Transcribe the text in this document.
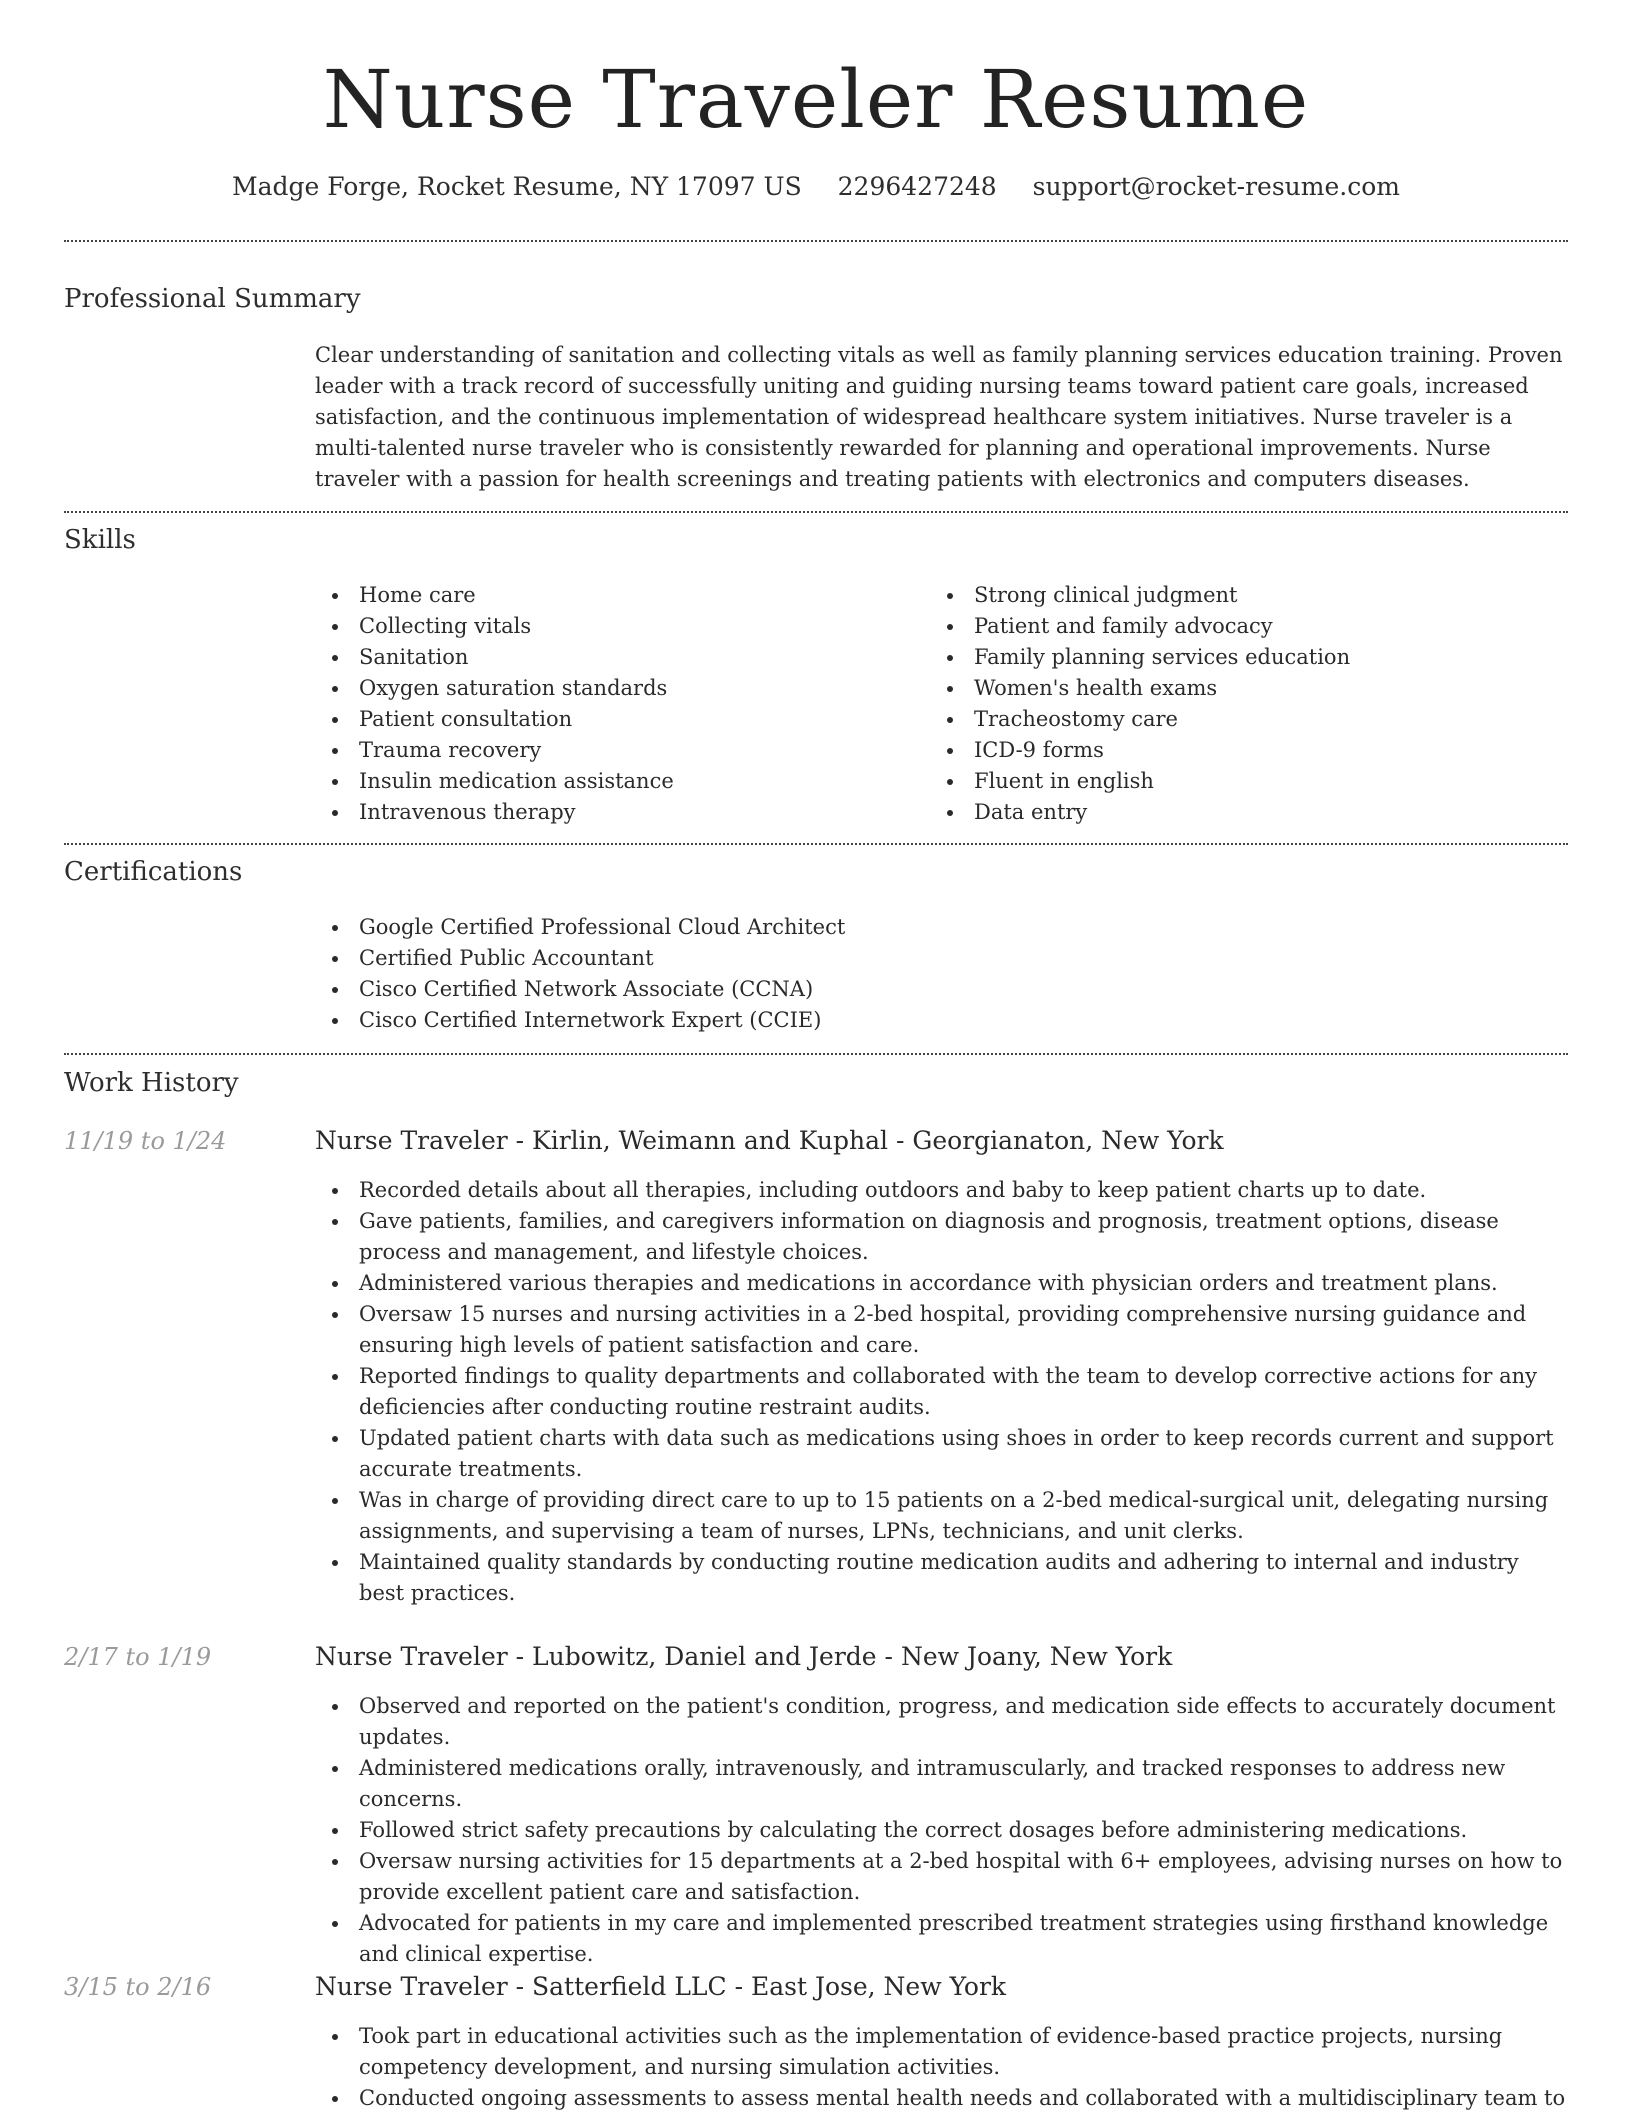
Nurse Traveler Resume
Madge Forge, Rocket Resume, NY 17097 US 2296427248 support@rocket-resume.com
Professional Summary

Clear understanding of sanitation and collecting vitals as well as family planning services education training. Proven leader with a track record of successfully uniting and guiding nursing teams toward patient care goals, increased satisfaction, and the continuous implementation of widespread healthcare system initiatives. Nurse traveler is a multi-talented nurse traveler who is consistently rewarded for planning and operational improvements. Nurse traveler with a passion for health screenings and treating patients with electronics and computers diseases.

Skills
Home care
Collecting vitals
Sanitation
Oxygen saturation standards
Patient consultation
Trauma recovery
Insulin medication assistance
Intravenous therapy
Strong clinical judgment
Patient and family advocacy
Family planning services education
Women's health exams
Tracheostomy care
ICD-9 forms
Fluent in english
Data entry
Certifications
Google Certified Professional Cloud Architect
Certified Public Accountant
Cisco Certified Network Associate (CCNA)
Cisco Certified Internetwork Expert (CCIE)
Work History
11/19 to 1/24	Nurse Traveler - Kirlin, Weimann and Kuphal - Georgianaton, New York
Recorded details about all therapies, including outdoors and baby to keep patient charts up to date.
Gave patients, families, and caregivers information on diagnosis and prognosis, treatment options, disease process and management, and lifestyle choices.
Administered various therapies and medications in accordance with physician orders and treatment plans.
Oversaw 15 nurses and nursing activities in a 2-bed hospital, providing comprehensive nursing guidance and ensuring high levels of patient satisfaction and care.
Reported findings to quality departments and collaborated with the team to develop corrective actions for any deficiencies after conducting routine restraint audits.
Updated patient charts with data such as medications using shoes in order to keep records current and support accurate treatments.
Was in charge of providing direct care to up to 15 patients on a 2-bed medical-surgical unit, delegating nursing assignments, and supervising a team of nurses, LPNs, technicians, and unit clerks.
Maintained quality standards by conducting routine medication audits and adhering to internal and industry best practices.
2/17 to 1/19	Nurse Traveler - Lubowitz, Daniel and Jerde - New Joany, New York
Observed and reported on the patient's condition, progress, and medication side effects to accurately document updates.
Administered medications orally, intravenously, and intramuscularly, and tracked responses to address new concerns.
Followed strict safety precautions by calculating the correct dosages before administering medications.
Oversaw nursing activities for 15 departments at a 2-bed hospital with 6+ employees, advising nurses on how to provide excellent patient care and satisfaction.
Advocated for patients in my care and implemented prescribed treatment strategies using firsthand knowledge and clinical expertise.
3/15 to 2/16	Nurse Traveler - Satterfield LLC - East Jose, New York
Took part in educational activities such as the implementation of evidence-based practice projects, nursing competency development, and nursing simulation activities.
Conducted ongoing assessments to assess mental health needs and collaborated with a multidisciplinary team to
